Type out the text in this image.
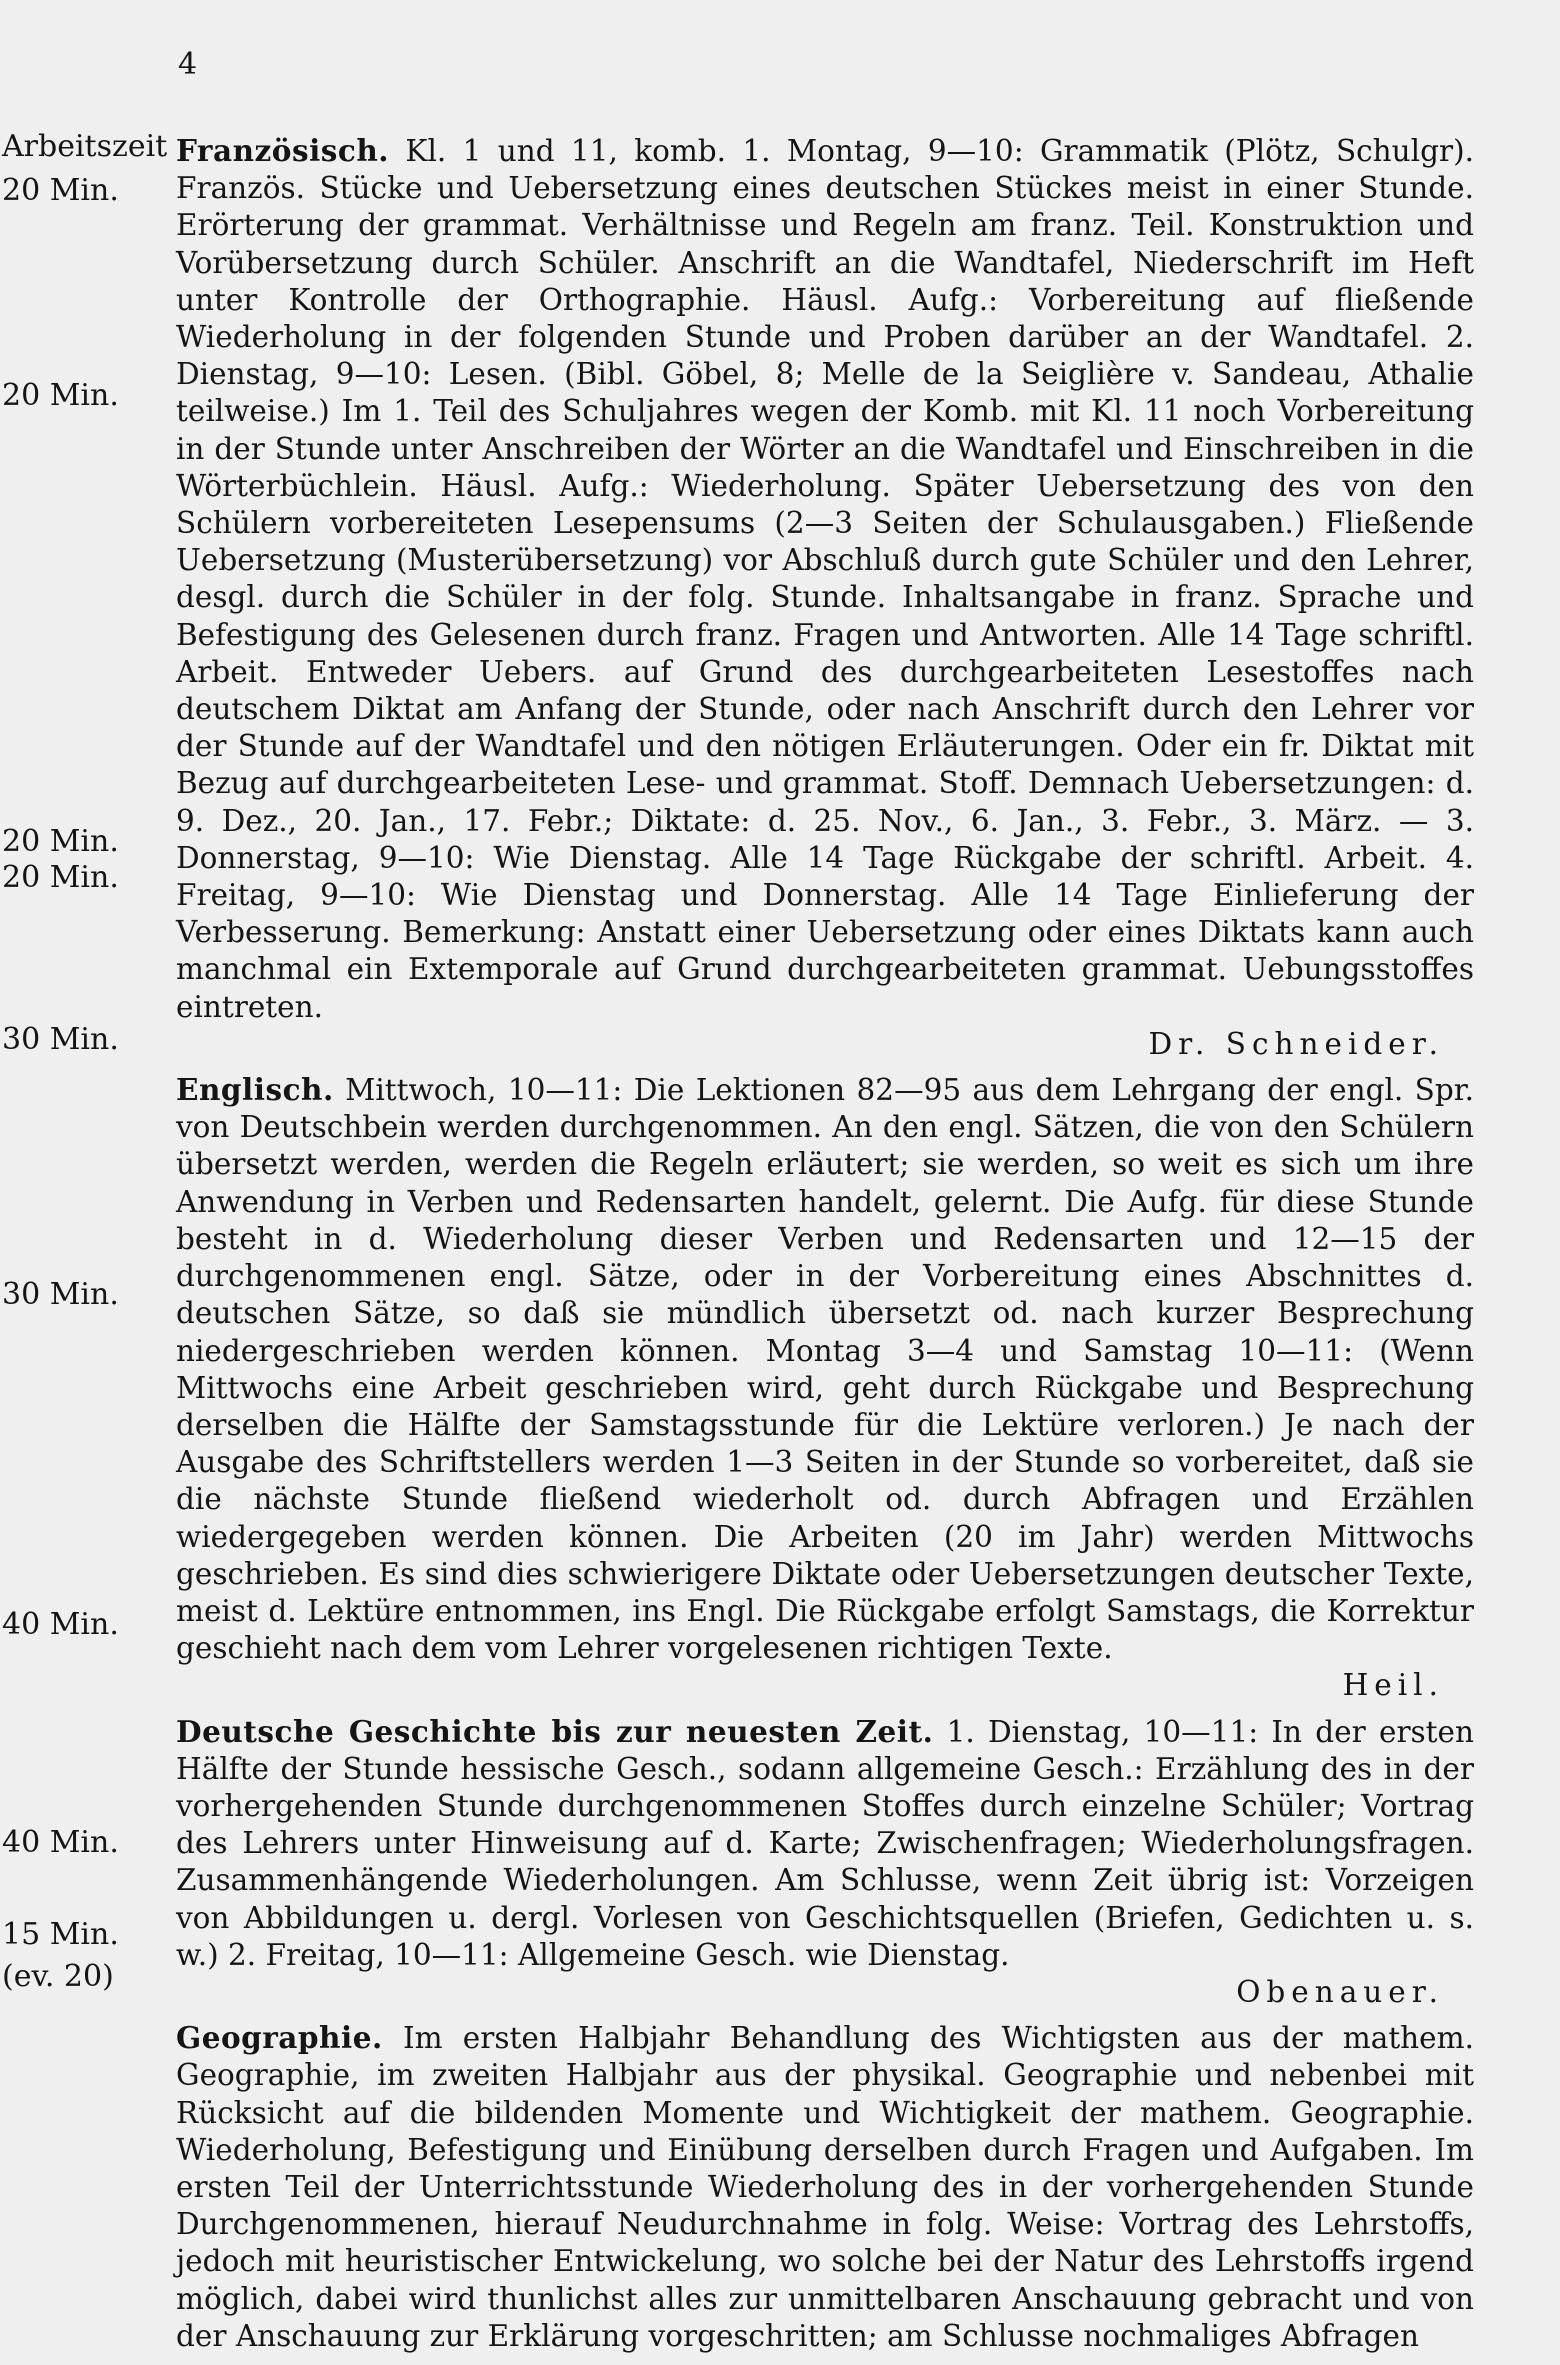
4
Arbeitszeit
20 Min.
20 Min.
20 Min.
20 Min.
30 Min.
30 Min.
40 Min.
40 Min.
15 Min.
(ev. 20)

Französisch. Kl. 1 und 11, komb. 1. Montag, 9—10: Grammatik (Plötz, Schulgr). Französ. Stücke und Uebersetzung eines deutschen Stückes meist in einer Stunde. Erörterung der grammat. Verhältnisse und Regeln am franz. Teil. Konstruktion und Vorübersetzung durch Schüler. Anschrift an die Wandtafel, Niederschrift im Heft unter Kontrolle der Orthographie. Häusl. Aufg.: Vorbereitung auf fließende Wiederholung in der folgenden Stunde und Proben darüber an der Wandtafel. 2. Dienstag, 9—10: Lesen. (Bibl. Göbel, 8; Melle de la Seiglière v. Sandeau, Athalie teilweise.) Im 1. Teil des Schuljahres wegen der Komb. mit Kl. 11 noch Vorbereitung in der Stunde unter Anschreiben der Wörter an die Wandtafel und Einschreiben in die Wörterbüchlein. Häusl. Aufg.: Wiederholung. Später Uebersetzung des von den Schülern vorbereiteten Lesepensums (2—3 Seiten der Schulausgaben.) Fließende Uebersetzung (Musterübersetzung) vor Abschluß durch gute Schüler und den Lehrer, desgl. durch die Schüler in der folg. Stunde. Inhaltsangabe in franz. Sprache und Befestigung des Gelesenen durch franz. Fragen und Antworten. Alle 14 Tage schriftl. Arbeit. Entweder Uebers. auf Grund des durchgearbeiteten Lesestoffes nach deutschem Diktat am Anfang der Stunde, oder nach Anschrift durch den Lehrer vor der Stunde auf der Wandtafel und den nötigen Erläuterungen. Oder ein fr. Diktat mit Bezug auf durchgearbeiteten Lese- und grammat. Stoff. Demnach Uebersetzungen: d. 9. Dez., 20. Jan., 17. Febr.; Diktate: d. 25. Nov., 6. Jan., 3. Febr., 3. März. — 3. Donnerstag, 9—10: Wie Dienstag. Alle 14 Tage Rückgabe der schriftl. Arbeit. 4. Freitag, 9—10: Wie Dienstag und Donnerstag. Alle 14 Tage Einlieferung der Verbesserung. Bemerkung: Anstatt einer Uebersetzung oder eines Diktats kann auch manchmal ein Extemporale auf Grund durchgearbeiteten grammat. Uebungsstoffes eintreten.

Dr. Schneider.

Englisch. Mittwoch, 10—11: Die Lektionen 82—95 aus dem Lehrgang der engl. Spr. von Deutschbein werden durchgenommen. An den engl. Sätzen, die von den Schülern übersetzt werden, werden die Regeln erläutert; sie werden, so weit es sich um ihre Anwendung in Verben und Redensarten handelt, gelernt. Die Aufg. für diese Stunde besteht in d. Wiederholung dieser Verben und Redensarten und 12—15 der durchgenommenen engl. Sätze, oder in der Vorbereitung eines Abschnittes d. deutschen Sätze, so daß sie mündlich übersetzt od. nach kurzer Besprechung niedergeschrieben werden können. Montag 3—4 und Samstag 10—11: (Wenn Mittwochs eine Arbeit geschrieben wird, geht durch Rückgabe und Besprechung derselben die Hälfte der Samstagsstunde für die Lektüre verloren.) Je nach der Ausgabe des Schriftstellers werden 1—3 Seiten in der Stunde so vorbereitet, daß sie die nächste Stunde fließend wiederholt od. durch Abfragen und Erzählen wiedergegeben werden können. Die Arbeiten (20 im Jahr) werden Mittwochs geschrieben. Es sind dies schwierigere Diktate oder Uebersetzungen deutscher Texte, meist d. Lektüre entnommen, ins Engl. Die Rückgabe erfolgt Samstags, die Korrektur geschieht nach dem vom Lehrer vorgelesenen richtigen Texte.

Heil.

Deutsche Geschichte bis zur neuesten Zeit. 1. Dienstag, 10—11: In der ersten Hälfte der Stunde hessische Gesch., sodann allgemeine Gesch.: Erzählung des in der vorhergehenden Stunde durchgenommenen Stoffes durch einzelne Schüler; Vortrag des Lehrers unter Hinweisung auf d. Karte; Zwischenfragen; Wiederholungsfragen. Zusammenhängende Wiederholungen. Am Schlusse, wenn Zeit übrig ist: Vorzeigen von Abbildungen u. dergl. Vorlesen von Geschichtsquellen (Briefen, Gedichten u. s. w.) 2. Freitag, 10—11: Allgemeine Gesch. wie Dienstag.

Obenauer.

Geographie. Im ersten Halbjahr Behandlung des Wichtigsten aus der mathem. Geographie, im zweiten Halbjahr aus der physikal. Geographie und nebenbei mit Rücksicht auf die bildenden Momente und Wichtigkeit der mathem. Geographie. Wiederholung, Befestigung und Einübung derselben durch Fragen und Aufgaben. Im ersten Teil der Unterrichtsstunde Wiederholung des in der vorhergehenden Stunde Durchgenommenen, hierauf Neudurchnahme in folg. Weise: Vortrag des Lehrstoffs, jedoch mit heuristischer Entwickelung, wo solche bei der Natur des Lehrstoffs irgend möglich, dabei wird thunlichst alles zur unmittelbaren Anschauung gebracht und von der Anschauung zur Erklärung vorgeschritten; am Schlusse nochmaliges Abfragen
